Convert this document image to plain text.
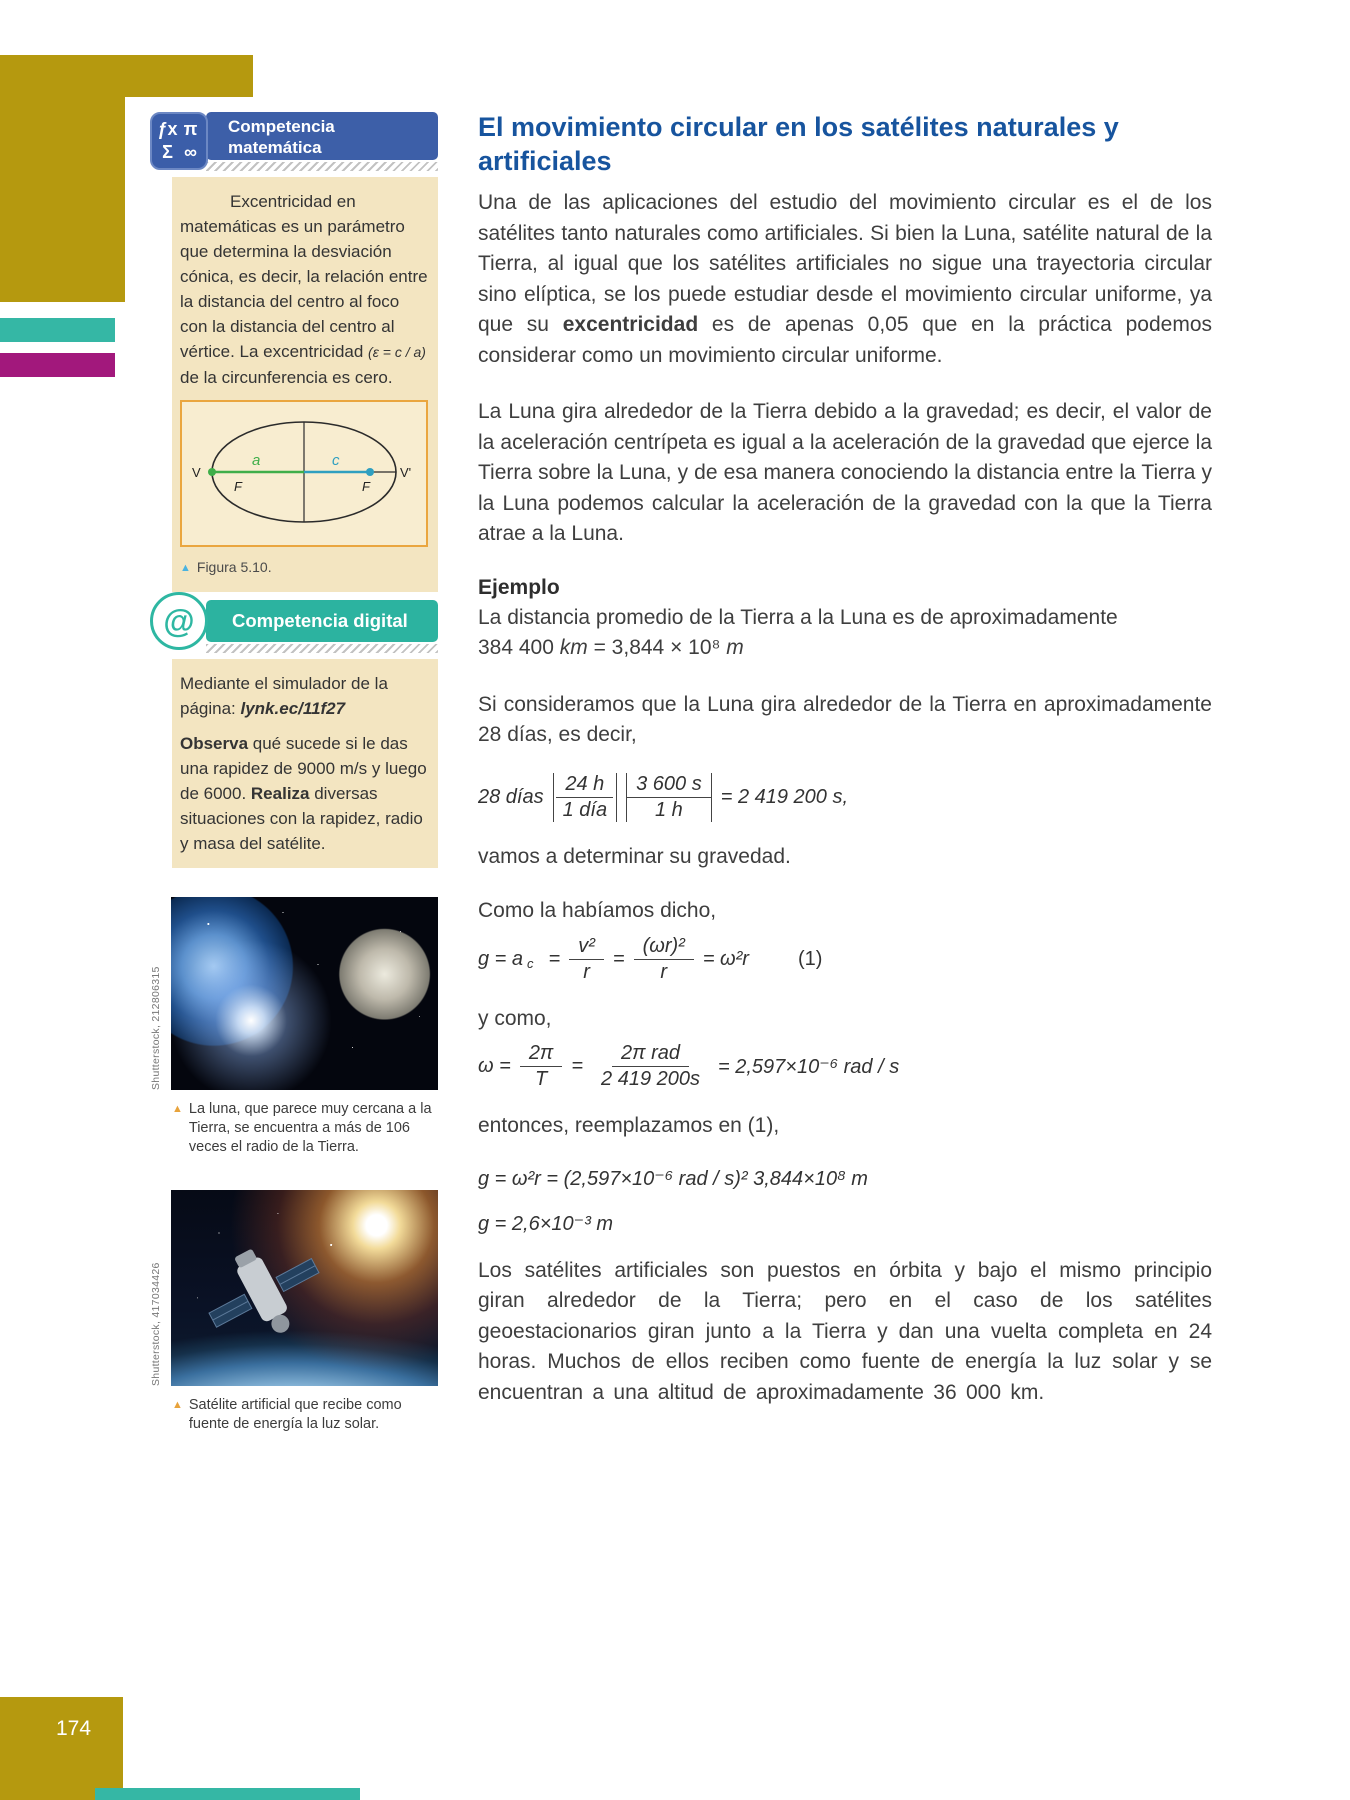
ƒx π
Σ ∞
Competencia
matemática

Excentricidad en matemáticas es un parámetro que determina la desviación cónica, es decir, la relación entre la distancia del centro al foco con la distancia del centro al vértice. La excentricidad (ε = c / a) de la circunferencia es cero.

V
F
a	c
F
V'
▲ Figura 5.10.
@	Competencia digital

Mediante el simulador de la página: lynk.ec/11f27

Observa qué sucede si le das una rapidez de 9000 m/s y luego de 6000. Realiza diversas situaciones con la rapidez, radio y masa del satélite.

Shutterstock, 212806315
▲ La luna, que parece muy cercana a la Tierra, se encuentra a más de 106 veces el radio de la Tierra.
Shutterstock, 417034426
▲ Satélite artificial que recibe como fuente de energía la luz solar.
El movimiento circular en los satélites naturales y artificiales

Una de las aplicaciones del estudio del movimiento circular es el de los satélites tanto naturales como artificiales. Si bien la Luna, satélite natural de la Tierra, al igual que los satélites artificiales no sigue una trayectoria circular sino elíptica, se los puede estudiar desde el movimiento circular uniforme, ya que su excentricidad es de apenas 0,05 que en la práctica podemos considerar como un movimiento circular uniforme.

La Luna gira alrededor de la Tierra debido a la gravedad; es decir, el valor de la aceleración centrípeta es igual a la aceleración de la gravedad que ejerce la Tierra sobre la Luna, y de esa manera conociendo la distancia entre la Tierra y la Luna podemos calcular la aceleración de la gravedad con la que la Tierra atrae a la Luna.

Ejemplo

La distancia promedio de la Tierra a la Luna es de aproximadamente
384 400 km = 3,844 × 10⁸ m

Si consideramos que la Luna gira alrededor de la Tierra en aproximadamente 28 días, es decir,

28 días $\frac{24 h}{\text{1 día}} \frac{3 600 s}{1 h} = 2$ 419 200 s,

vamos a determinar su gravedad.

Como la habíamos dicho,

g = a $_c = \frac{\text{v²}}{r} = \frac{\text{(ωr)²}}{r} = \omega^2r$ (1)

y como,

$\omega = \frac{2\pi}{T} = \frac{\text{2π rad}}{2 419 200s} = 2,597\times 10^{-6}$ rad / s

entonces, reemplazamos en (1),

g = ω²r = (2,597×10⁻⁶ rad / s)² 3,844×10⁸ m
g = 2,6×10⁻³ m

Los satélites artificiales son puestos en órbita y bajo el mismo principio giran alrededor de la Tierra; pero en el caso de los satélites geoestacionarios giran junto a la Tierra y dan una vuelta completa en 24 horas. Muchos de ellos reciben como fuente de energía la luz solar y se encuentran a una altitud de aproximadamente 36 000 km.

174
